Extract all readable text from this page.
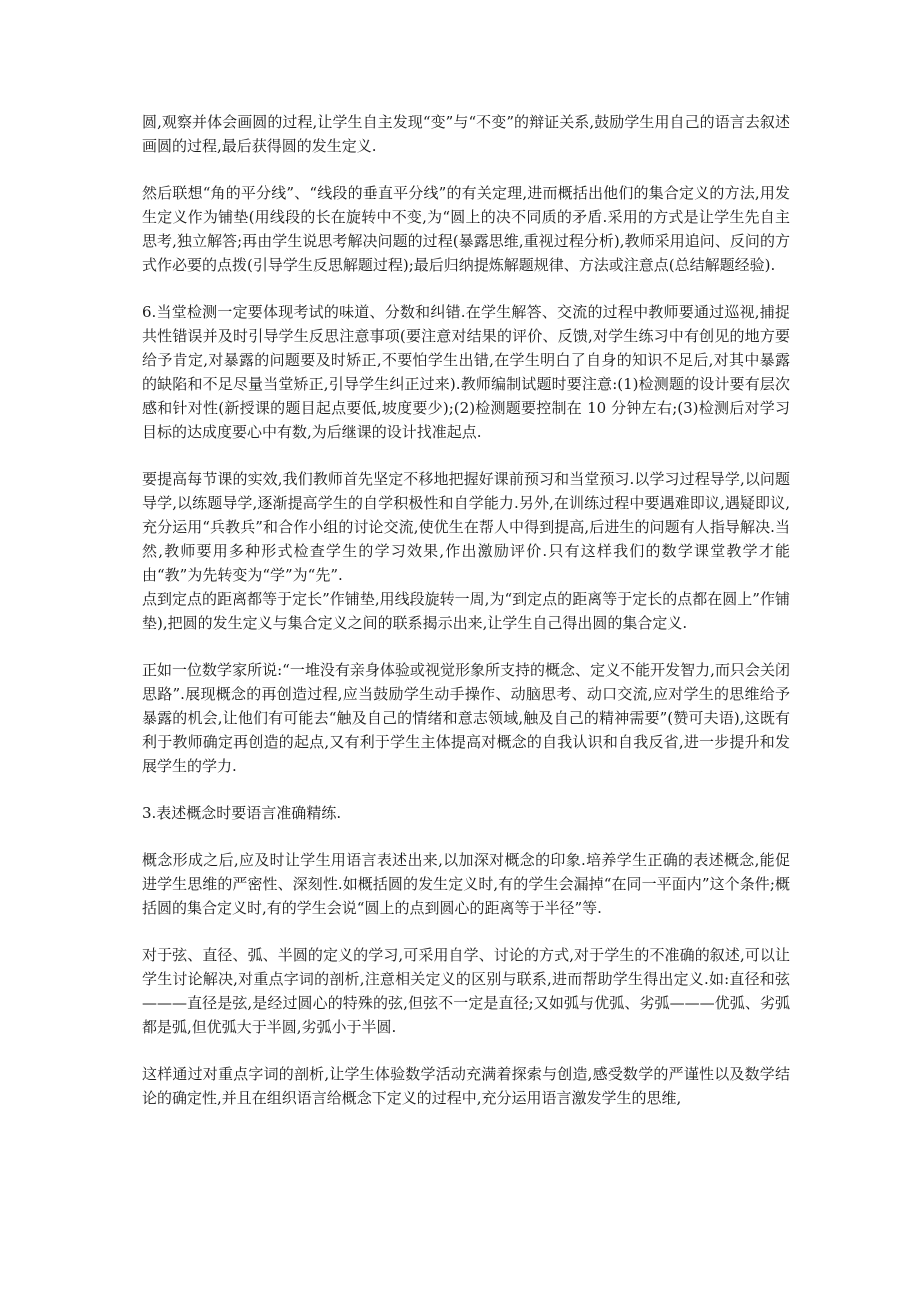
圆,观察并体会画圆的过程,让学生自主发现“变”与“不变”的辩证关系,鼓励学生用自己的语言去叙述画圆的过程,最后获得圆的发生定义.

然后联想“角的平分线”、“线段的垂直平分线”的有关定理,进而概括出他们的集合定义的方法,用发生定义作为铺垫(用线段的长在旋转中不变,为“圆上的决不同质的矛盾.采用的方式是让学生先自主思考,独立解答;再由学生说思考解决问题的过程(暴露思维,重视过程分析),教师采用追问、反问的方式作必要的点拨(引导学生反思解题过程);最后归纳提炼解题规律、方法或注意点(总结解题经验).

6.当堂检测一定要体现考试的味道、分数和纠错.在学生解答、交流的过程中教师要通过巡视,捕捉共性错误并及时引导学生反思注意事项(要注意对结果的评价、反馈,对学生练习中有创见的地方要给予肯定,对暴露的问题要及时矫正,不要怕学生出错,在学生明白了自身的知识不足后,对其中暴露的缺陷和不足尽量当堂矫正,引导学生纠正过来).教师编制试题时要注意:(1)检测题的设计要有层次感和针对性(新授课的题目起点要低,坡度要少);(2)检测题要控制在 10 分钟左右;(3)检测后对学习目标的达成度要心中有数,为后继课的设计找准起点.

要提高每节课的实效,我们教师首先坚定不移地把握好课前预习和当堂预习.以学习过程导学,以问题导学,以练题导学,逐渐提高学生的自学积极性和自学能力.另外,在训练过程中要遇难即议,遇疑即议,充分运用“兵教兵”和合作小组的讨论交流,使优生在帮人中得到提高,后进生的问题有人指导解决.当然,教师要用多种形式检查学生的学习效果,作出激励评价.只有这样我们的数学课堂教学才能由“教”为先转变为“学”为“先”.

点到定点的距离都等于定长”作铺垫,用线段旋转一周,为“到定点的距离等于定长的点都在圆上”作铺垫),把圆的发生定义与集合定义之间的联系揭示出来,让学生自己得出圆的集合定义.

正如一位数学家所说:“一堆没有亲身体验或视觉形象所支持的概念、定义不能开发智力,而只会关闭思路”.展现概念的再创造过程,应当鼓励学生动手操作、动脑思考、动口交流,应对学生的思维给予暴露的机会,让他们有可能去“触及自己的情绪和意志领域,触及自己的精神需要”(赞可夫语),这既有利于教师确定再创造的起点,又有利于学生主体提高对概念的自我认识和自我反省,进一步提升和发展学生的学力.

3.表述概念时要语言准确精练.

概念形成之后,应及时让学生用语言表述出来,以加深对概念的印象.培养学生正确的表述概念,能促进学生思维的严密性、深刻性.如概括圆的发生定义时,有的学生会漏掉“在同一平面内”这个条件;概括圆的集合定义时,有的学生会说“圆上的点到圆心的距离等于半径”等.

对于弦、直径、弧、半圆的定义的学习,可采用自学、讨论的方式,对于学生的不准确的叙述,可以让学生讨论解决,对重点字词的剖析,注意相关定义的区别与联系,进而帮助学生得出定义.如:直径和弦———直径是弦,是经过圆心的特殊的弦,但弦不一定是直径;又如弧与优弧、劣弧———优弧、劣弧都是弧,但优弧大于半圆,劣弧小于半圆.

这样通过对重点字词的剖析,让学生体验数学活动充满着探索与创造,感受数学的严谨性以及数学结论的确定性,并且在组织语言给概念下定义的过程中,充分运用语言激发学生的思维,
